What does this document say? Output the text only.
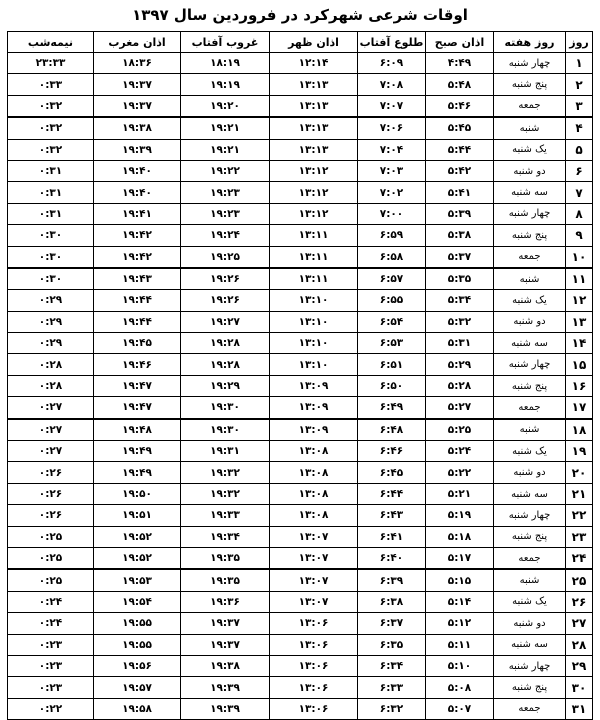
اوقات شرعی شهرکرد در فروردین سال ۱۳۹۷
روز	روز هفته	اذان صبح	طلوع آفتاب	اذان ظهر	غروب آفتاب	اذان مغرب	نیمه‌شب
۱	چهار شنبه	۴:۴۹	۶:۰۹	۱۲:۱۴	۱۸:۱۹	۱۸:۳۶	۲۳:۳۳
۲	پنج شنبه	۵:۴۸	۷:۰۸	۱۳:۱۳	۱۹:۱۹	۱۹:۳۷	۰:۳۳
۳	جمعه	۵:۴۶	۷:۰۷	۱۳:۱۳	۱۹:۲۰	۱۹:۳۷	۰:۳۲
۴	شنبه	۵:۴۵	۷:۰۶	۱۳:۱۳	۱۹:۲۱	۱۹:۳۸	۰:۳۲
۵	یک شنبه	۵:۴۴	۷:۰۴	۱۳:۱۳	۱۹:۲۱	۱۹:۳۹	۰:۳۲
۶	دو شنبه	۵:۴۲	۷:۰۳	۱۳:۱۲	۱۹:۲۲	۱۹:۴۰	۰:۳۱
۷	سه شنبه	۵:۴۱	۷:۰۲	۱۳:۱۲	۱۹:۲۳	۱۹:۴۰	۰:۳۱
۸	چهار شنبه	۵:۳۹	۷:۰۰	۱۳:۱۲	۱۹:۲۳	۱۹:۴۱	۰:۳۱
۹	پنج شنبه	۵:۳۸	۶:۵۹	۱۳:۱۱	۱۹:۲۴	۱۹:۴۲	۰:۳۰
۱۰	جمعه	۵:۳۷	۶:۵۸	۱۳:۱۱	۱۹:۲۵	۱۹:۴۲	۰:۳۰
۱۱	شنبه	۵:۳۵	۶:۵۷	۱۳:۱۱	۱۹:۲۶	۱۹:۴۳	۰:۳۰
۱۲	یک شنبه	۵:۳۴	۶:۵۵	۱۳:۱۰	۱۹:۲۶	۱۹:۴۴	۰:۲۹
۱۳	دو شنبه	۵:۳۲	۶:۵۴	۱۳:۱۰	۱۹:۲۷	۱۹:۴۴	۰:۲۹
۱۴	سه شنبه	۵:۳۱	۶:۵۳	۱۳:۱۰	۱۹:۲۸	۱۹:۴۵	۰:۲۹
۱۵	چهار شنبه	۵:۲۹	۶:۵۱	۱۳:۱۰	۱۹:۲۸	۱۹:۴۶	۰:۲۸
۱۶	پنج شنبه	۵:۲۸	۶:۵۰	۱۳:۰۹	۱۹:۲۹	۱۹:۴۷	۰:۲۸
۱۷	جمعه	۵:۲۷	۶:۴۹	۱۳:۰۹	۱۹:۳۰	۱۹:۴۷	۰:۲۷
۱۸	شنبه	۵:۲۵	۶:۴۸	۱۳:۰۹	۱۹:۳۰	۱۹:۴۸	۰:۲۷
۱۹	یک شنبه	۵:۲۴	۶:۴۶	۱۳:۰۸	۱۹:۳۱	۱۹:۴۹	۰:۲۷
۲۰	دو شنبه	۵:۲۲	۶:۴۵	۱۳:۰۸	۱۹:۳۲	۱۹:۴۹	۰:۲۶
۲۱	سه شنبه	۵:۲۱	۶:۴۴	۱۳:۰۸	۱۹:۳۲	۱۹:۵۰	۰:۲۶
۲۲	چهار شنبه	۵:۱۹	۶:۴۳	۱۳:۰۸	۱۹:۳۳	۱۹:۵۱	۰:۲۶
۲۳	پنج شنبه	۵:۱۸	۶:۴۱	۱۳:۰۷	۱۹:۳۴	۱۹:۵۲	۰:۲۵
۲۴	جمعه	۵:۱۷	۶:۴۰	۱۳:۰۷	۱۹:۳۵	۱۹:۵۲	۰:۲۵
۲۵	شنبه	۵:۱۵	۶:۳۹	۱۳:۰۷	۱۹:۳۵	۱۹:۵۳	۰:۲۵
۲۶	یک شنبه	۵:۱۴	۶:۳۸	۱۳:۰۷	۱۹:۳۶	۱۹:۵۴	۰:۲۴
۲۷	دو شنبه	۵:۱۲	۶:۳۷	۱۳:۰۶	۱۹:۳۷	۱۹:۵۵	۰:۲۴
۲۸	سه شنبه	۵:۱۱	۶:۳۵	۱۳:۰۶	۱۹:۳۷	۱۹:۵۵	۰:۲۳
۲۹	چهار شنبه	۵:۱۰	۶:۳۴	۱۳:۰۶	۱۹:۳۸	۱۹:۵۶	۰:۲۳
۳۰	پنج شنبه	۵:۰۸	۶:۳۳	۱۳:۰۶	۱۹:۳۹	۱۹:۵۷	۰:۲۳
۳۱	جمعه	۵:۰۷	۶:۳۲	۱۳:۰۶	۱۹:۳۹	۱۹:۵۸	۰:۲۲
